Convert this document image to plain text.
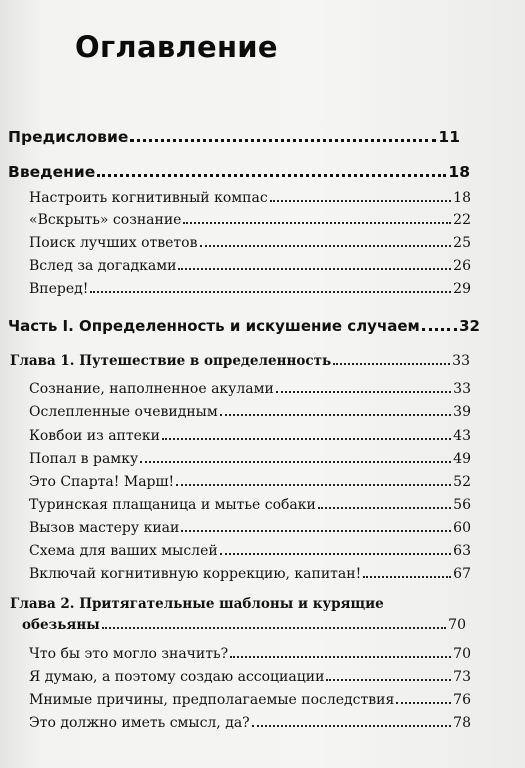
Оглавление
Предисловие	11
Введение	18
Настроить когнитивный компас	18
«Вскрыть» сознание	22
Поиск лучших ответов	25
Вслед за догадками	26
Вперед!	29
Часть I. Определенность и искушение случаем	32
Глава 1. Путешествие в определенность	33
Сознание, наполненное акулами	33
Ослепленные очевидным	39
Ковбои из аптеки	43
Попал в рамку	49
Это Спарта! Марш!	52
Туринская плащаница и мытье собаки	56
Вызов мастеру киаи	60
Схема для ваших мыслей	63
Включай когнитивную коррекцию, капитан!	67
Глава 2. Притягательные шаблоны и курящие
обезьяны	70
Что бы это могло значить?	70
Я думаю, а поэтому создаю ассоциации	73
Мнимые причины, предполагаемые последствия	76
Это должно иметь смысл, да?	78
